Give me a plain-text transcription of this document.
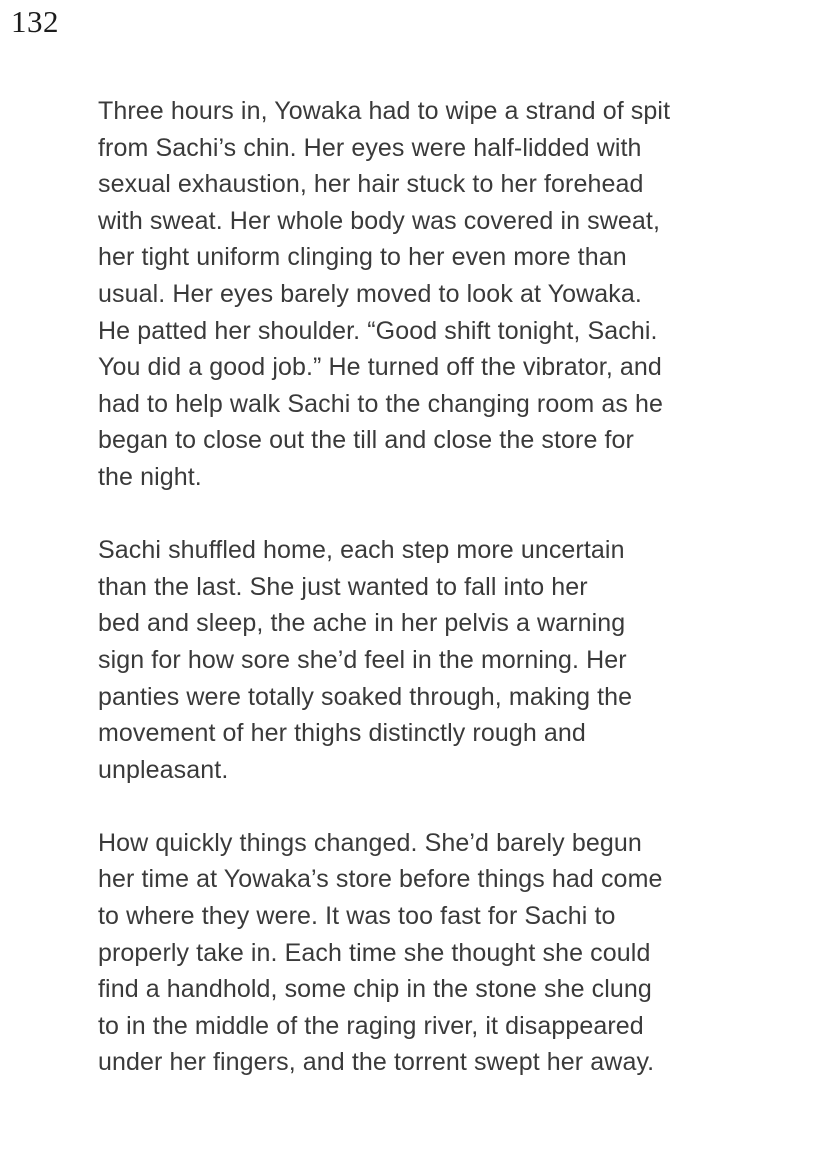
132
Three hours in, Yowaka had to wipe a strand of spit
from Sachi’s chin. Her eyes were half-lidded with
sexual exhaustion, her hair stuck to her forehead
with sweat. Her whole body was covered in sweat,
her tight uniform clinging to her even more than
usual. Her eyes barely moved to look at Yowaka.
He patted her shoulder. “Good shift tonight, Sachi.
You did a good job.” He turned off the vibrator, and
had to help walk Sachi to the changing room as he
began to close out the till and close the store for
the night.
Sachi shuffled home, each step more uncertain
than the last. She just wanted to fall into her
bed and sleep, the ache in her pelvis a warning
sign for how sore she’d feel in the morning. Her
panties were totally soaked through, making the
movement of her thighs distinctly rough and
unpleasant.
How quickly things changed. She’d barely begun
her time at Yowaka’s store before things had come
to where they were. It was too fast for Sachi to
properly take in. Each time she thought she could
find a handhold, some chip in the stone she clung
to in the middle of the raging river, it disappeared
under her fingers, and the torrent swept her away.
